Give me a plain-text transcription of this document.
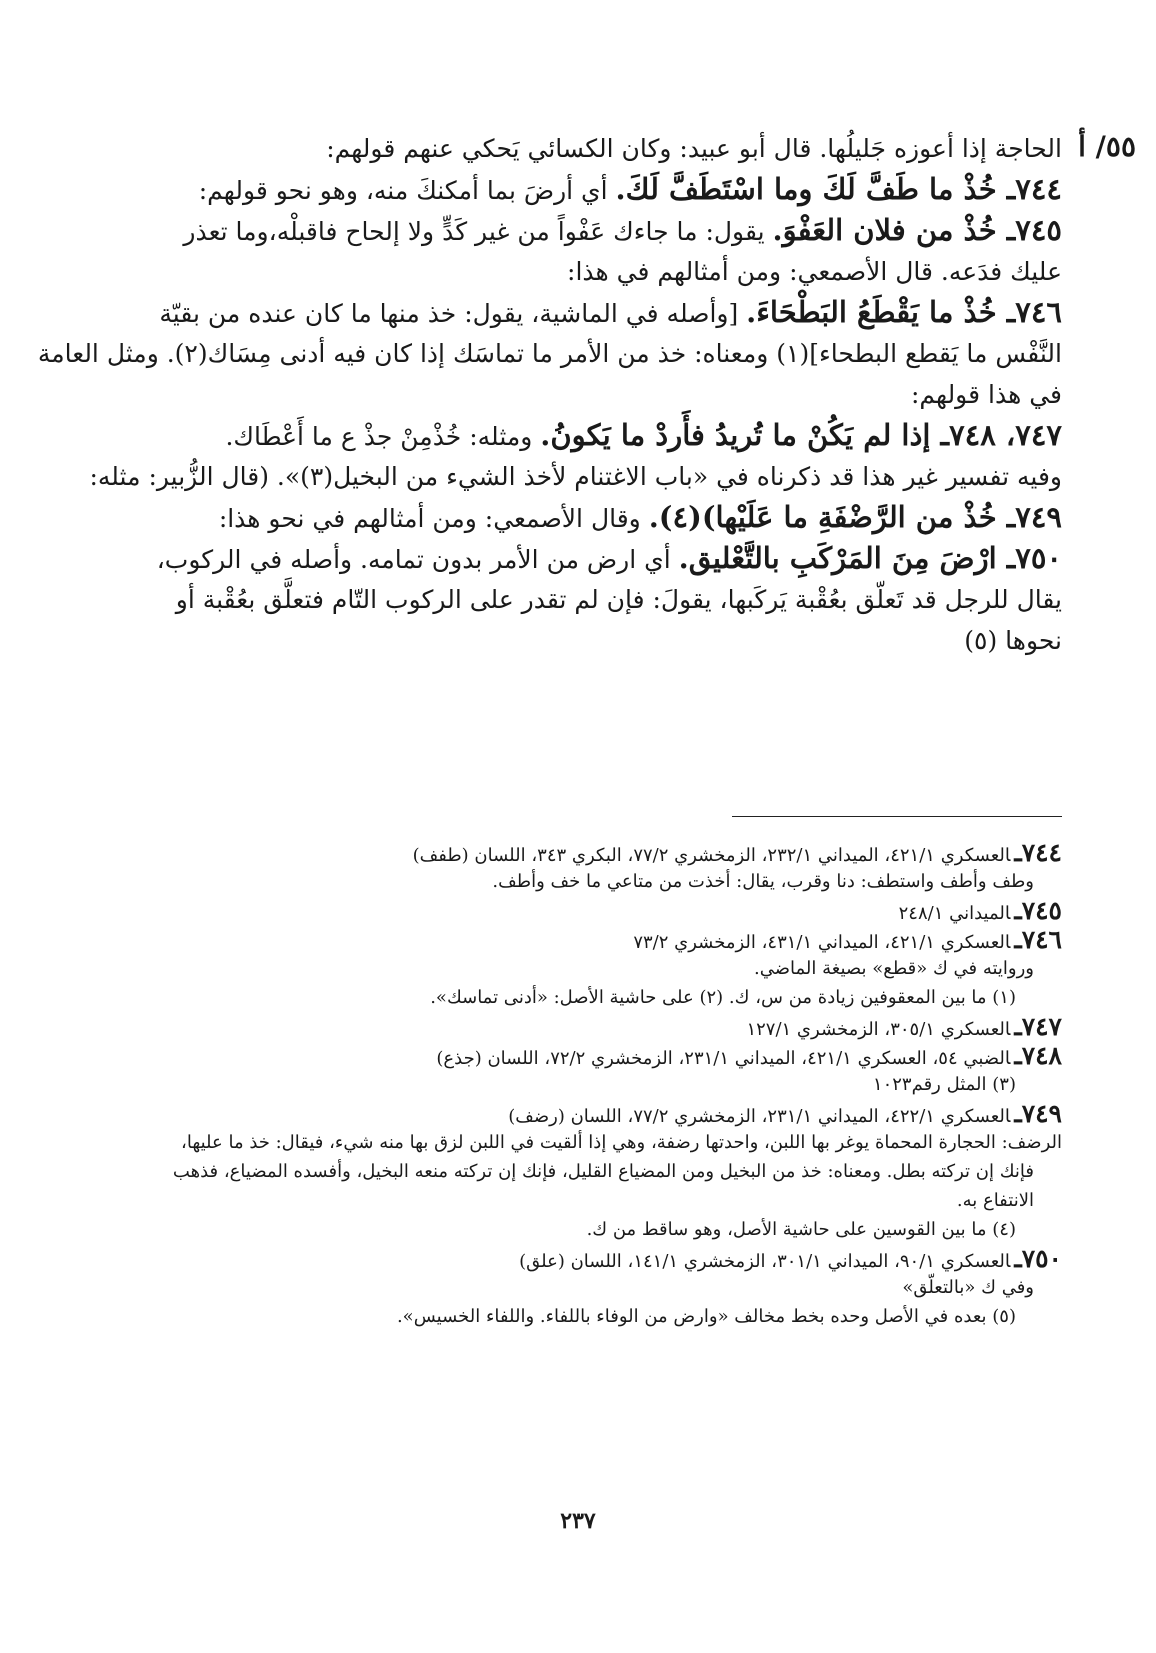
٥٥/ أ
الحاجة إذا أعوزه جَليلُها. قال أبو عبيد: وكان الكسائي يَحكي عنهم قولهم:
٧٤٤ـ خُذْ ما طَفَّ لَكَ وما اسْتَطَفَّ لَكَ. أي أرضَ بما أمكنكَ منه، وهو نحو قولهم:
٧٤٥ـ خُذْ من فلان العَفْوَ. يقول: ما جاءك عَفْواً من غير كَدٍّ ولا إلحاح فاقبلْه،وما تعذر
عليك فدَعه. قال الأصمعي: ومن أمثالهم في هذا:
٧٤٦ـ خُذْ ما يَقْطَعُ البَطْحَاءَ. [وأصله في الماشية، يقول: خذ منها ما كان عنده من بقيّة
النَّفْس ما يَقطع البطحاء](١) ومعناه: خذ من الأمر ما تماسَك إذا كان فيه أدنى مِسَاك(٢). ومثل العامة
في هذا قولهم:
٧٤٧، ٧٤٨ـ إذا لم يَكُنْ ما تُريدُ فأَردْ ما يَكونُ. ومثله: خُذْمِنْ جذْ ع ما أَعْطَاك.
وفيه تفسير غير هذا قد ذكرناه في «باب الاغتنام لأخذ الشيء من البخيل(٣)». (قال الزُّبير: مثله:
٧٤٩ـ خُذْ من الرَّضْفَةِ ما عَلَيْها)(٤). وقال الأصمعي: ومن أمثالهم في نحو هذا:
٧٥٠ـ ارْضَ مِنَ المَرْكَبِ بالتَّعْليق. أي ارض من الأمر بدون تمامه. وأصله في الركوب،
يقال للرجل قد تَعلّق بعُقْبة يَركَبها، يقولَ: فإن لم تقدر على الركوب التّام فتعلَّق بعُقْبة أو
نحوها (٥)
٧٤٤ـالعسكري ٤٢١/١، الميداني ٢٣٢/١، الزمخشري ٧٧/٢، البكري ٣٤٣، اللسان (طفف)
وطف وأطف واستطف: دنا وقرب، يقال: أخذت من متاعي ما خف وأطف.
٧٤٥ـالميداني ٢٤٨/١
٧٤٦ـالعسكري ٤٢١/١، الميداني ٤٣١/١، الزمخشري ٧٣/٢
وروايته في ك «قطع» بصيغة الماضي.
(١) ما بين المعقوفين زيادة من س، ك. (٢) على حاشية الأصل: «أدنى تماسك».
٧٤٧ـالعسكري ٣٠٥/١، الزمخشري ١٢٧/١
٧٤٨ـالضبي ٥٤، العسكري ٤٢١/١، الميداني ٢٣١/١، الزمخشري ٧٢/٢، اللسان (جذع)
(٣) المثل رقم١٠٢٣
٧٤٩ـالعسكري ٤٢٢/١، الميداني ٢٣١/١، الزمخشري ٧٧/٢، اللسان (رضف)
الرضف: الحجارة المحماة يوغر بها اللبن، واحدتها رضفة، وهي إذا ألقيت في اللبن لزق بها منه شيء، فيقال: خذ ما عليها،
فإنك إن تركته بطل. ومعناه: خذ من البخيل ومن المضياع القليل، فإنك إن تركته منعه البخيل، وأفسده المضياع، فذهب
الانتفاع به.
(٤) ما بين القوسين على حاشية الأصل، وهو ساقط من ك.
٧٥٠ـالعسكري ٩٠/١، الميداني ٣٠١/١، الزمخشري ١٤١/١، اللسان (علق)
وفي ك «بالتعلّق»
(٥) بعده في الأصل وحده بخط مخالف «وارض من الوفاء باللفاء. واللفاء الخسيس».
٢٣٧
